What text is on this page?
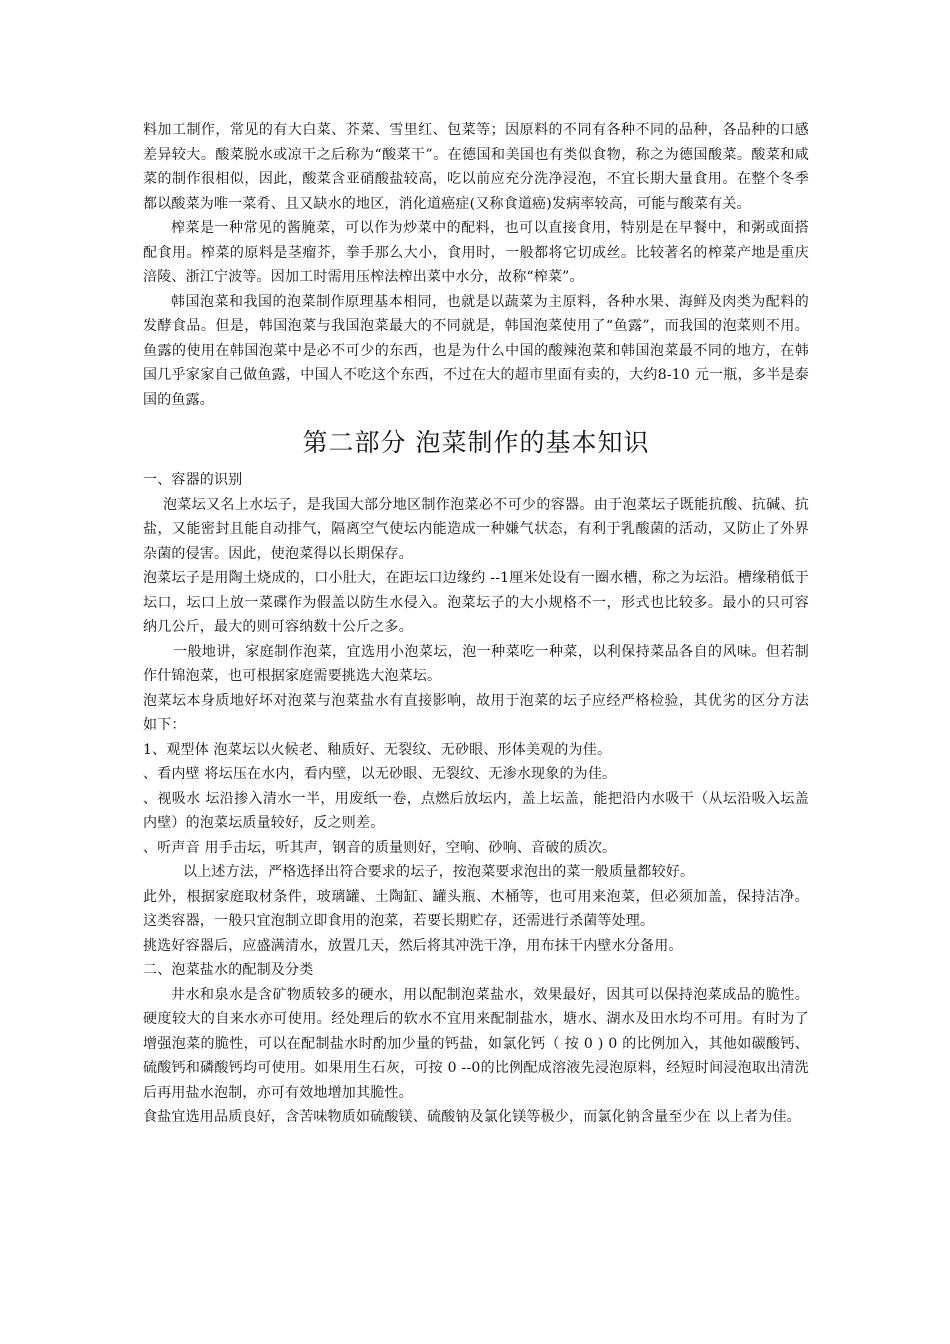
料加工制作，常见的有大白菜、芥菜、雪里红、包菜等；因原料的不同有各种不同的品种，各品种的口感差异较大。酸菜脱水或凉干之后称为“酸菜干”。在德国和美国也有类似食物，称之为德国酸菜。酸菜和咸菜的制作很相似，因此，酸菜含亚硝酸盐较高，吃以前应充分洗净浸泡，不宜长期大量食用。在整个冬季都以酸菜为唯一菜肴、且又缺水的地区，消化道癌症(又称食道癌)发病率较高，可能与酸菜有关。

榨菜是一种常见的酱腌菜，可以作为炒菜中的配料，也可以直接食用，特别是在早餐中，和粥或面搭配食用。榨菜的原料是茎瘤芥，拳手那么大小，食用时，一般都将它切成丝。比较著名的榨菜产地是重庆涪陵、浙江宁波等。因加工时需用压榨法榨出菜中水分，故称“榨菜”。

韩国泡菜和我国的泡菜制作原理基本相同，也就是以蔬菜为主原料，各种水果、海鲜及肉类为配料的发酵食品。但是，韩国泡菜与我国泡菜最大的不同就是，韩国泡菜使用了“鱼露”，而我国的泡菜则不用。鱼露的使用在韩国泡菜中是必不可少的东西，也是为什么中国的酸辣泡菜和韩国泡菜最不同的地方，在韩国几乎家家自己做鱼露，中国人不吃这个东西，不过在大的超市里面有卖的，大约8-10 元一瓶，多半是泰国的鱼露。

第二部分 泡菜制作的基本知识

一、容器的识别

泡菜坛又名上水坛子，是我国大部分地区制作泡菜必不可少的容器。由于泡菜坛子既能抗酸、抗碱、抗盐，又能密封且能自动排气，隔离空气使坛内能造成一种嫌气状态，有利于乳酸菌的活动，又防止了外界杂菌的侵害。因此，使泡菜得以长期保存。

泡菜坛子是用陶土烧成的，口小肚大，在距坛口边缘约 --1厘米处设有一圈水槽，称之为坛沿。槽缘稍低于坛口，坛口上放一菜碟作为假盖以防生水侵入。泡菜坛子的大小规格不一，形式也比较多。最小的只可容纳几公斤，最大的则可容纳数十公斤之多。

一般地讲，家庭制作泡菜，宜选用小泡菜坛，泡一种菜吃一种菜，以利保持菜品各自的风味。但若制作什锦泡菜，也可根据家庭需要挑选大泡菜坛。

泡菜坛本身质地好坏对泡菜与泡菜盐水有直接影响，故用于泡菜的坛子应经严格检验，其优劣的区分方法如下：

1、观型体 泡菜坛以火候老、釉质好、无裂纹、无砂眼、形体美观的为佳。

、看内壁 将坛压在水内，看内壁，以无砂眼、无裂纹、无渗水现象的为佳。

、视吸水 坛沿掺入清水一半，用废纸一卷，点燃后放坛内，盖上坛盖，能把沿内水吸干（从坛沿吸入坛盖内壁）的泡菜坛质量较好，反之则差。

、听声音 用手击坛，听其声，钢音的质量则好，空响、砂响、音破的质次。

以上述方法，严格选择出符合要求的坛子，按泡菜要求泡出的菜一般质量都较好。

此外，根据家庭取材条件，玻璃罐、土陶缸、罐头瓶、木桶等，也可用来泡菜，但必须加盖，保持洁净。这类容器，一般只宜泡制立即食用的泡菜，若要长期贮存，还需进行杀菌等处理。

挑选好容器后，应盛满清水，放置几天，然后将其冲洗干净，用布抹干内壁水分备用。

二、泡菜盐水的配制及分类

井水和泉水是含矿物质较多的硬水，用以配制泡菜盐水，效果最好，因其可以保持泡菜成品的脆性。硬度较大的自来水亦可使用。经处理后的软水不宜用来配制盐水，塘水、湖水及田水均不可用。有时为了增强泡菜的脆性，可以在配制盐水时酌加少量的钙盐，如氯化钙（ 按 0 ) 0 的比例加入，其他如碳酸钙、硫酸钙和磷酸钙均可使用。如果用生石灰，可按 0 --0的比例配成溶液先浸泡原料，经短时间浸泡取出清洗后再用盐水泡制，亦可有效地增加其脆性。

食盐宜选用品质良好，含苦味物质如硫酸镁、硫酸钠及氯化镁等极少，而氯化钠含量至少在 以上者为佳。
